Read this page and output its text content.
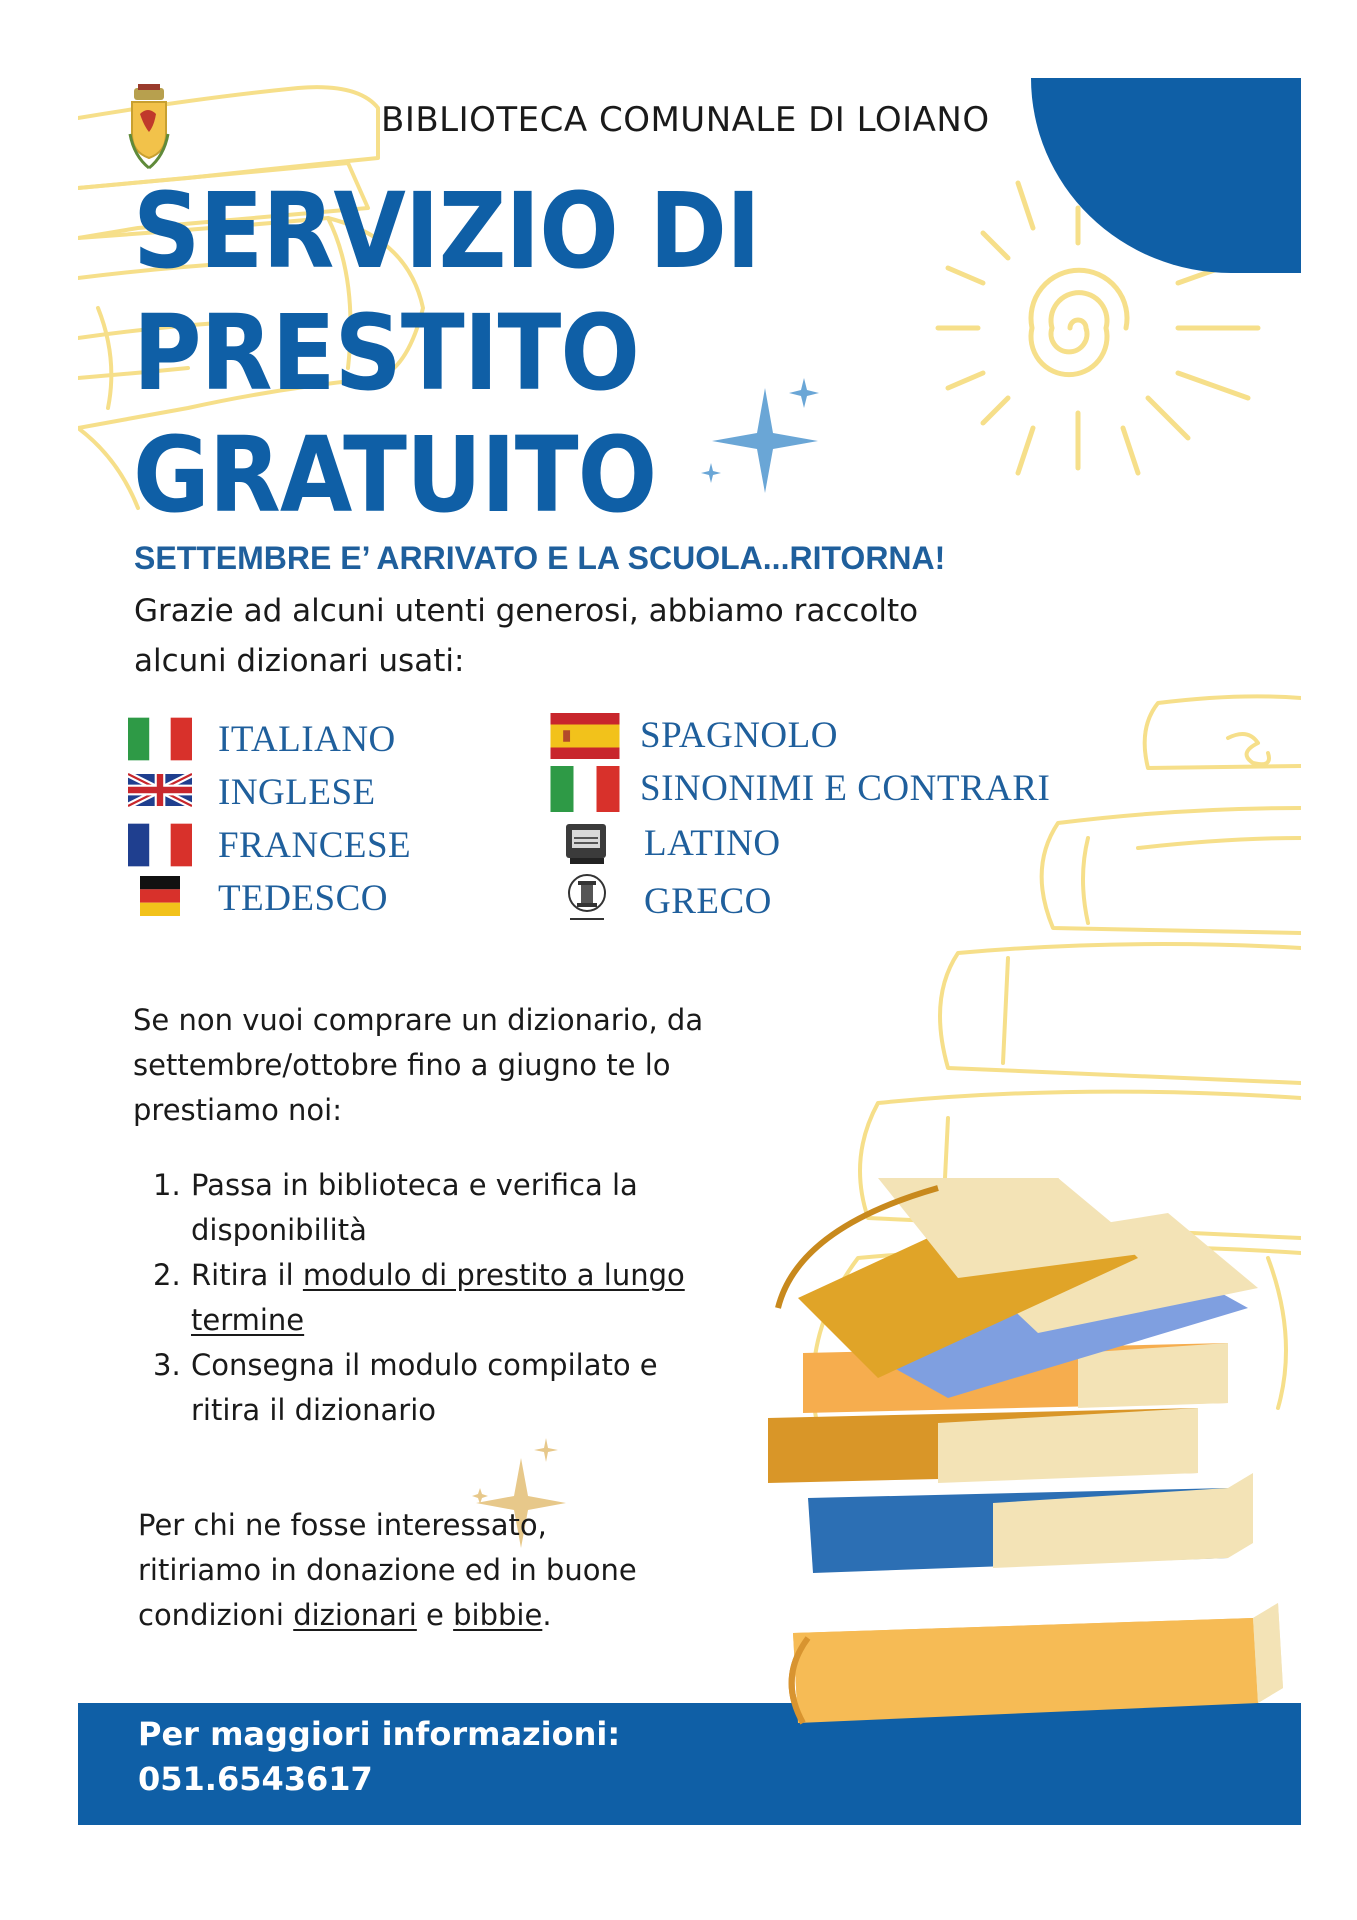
BIBLIOTECA COMUNALE DI LOIANO
SERVIZIO DI
PRESTITO
GRATUITO
SETTEMBRE E’ ARRIVATO E LA SCUOLA...RITORNA!
Grazie ad alcuni utenti generosi, abbiamo raccolto
alcuni dizionari usati:
ITALIANO
INGLESE
FRANCESE
TEDESCO
SPAGNOLO
SINONIMI E CONTRARI
LATINO
GRECO
Se non vuoi comprare un dizionario, da
settembre/ottobre fino a giugno te lo
prestiamo noi:
1. Passa in biblioteca e verifica la
disponibilità
2. Ritira il modulo di prestito a lungo
termine
3. Consegna il modulo compilato e
ritira il dizionario
Per chi ne fosse interessato,
ritiriamo in donazione ed in buone
condizioni dizionari e bibbie.
Per maggiori informazioni:
051.6543617
